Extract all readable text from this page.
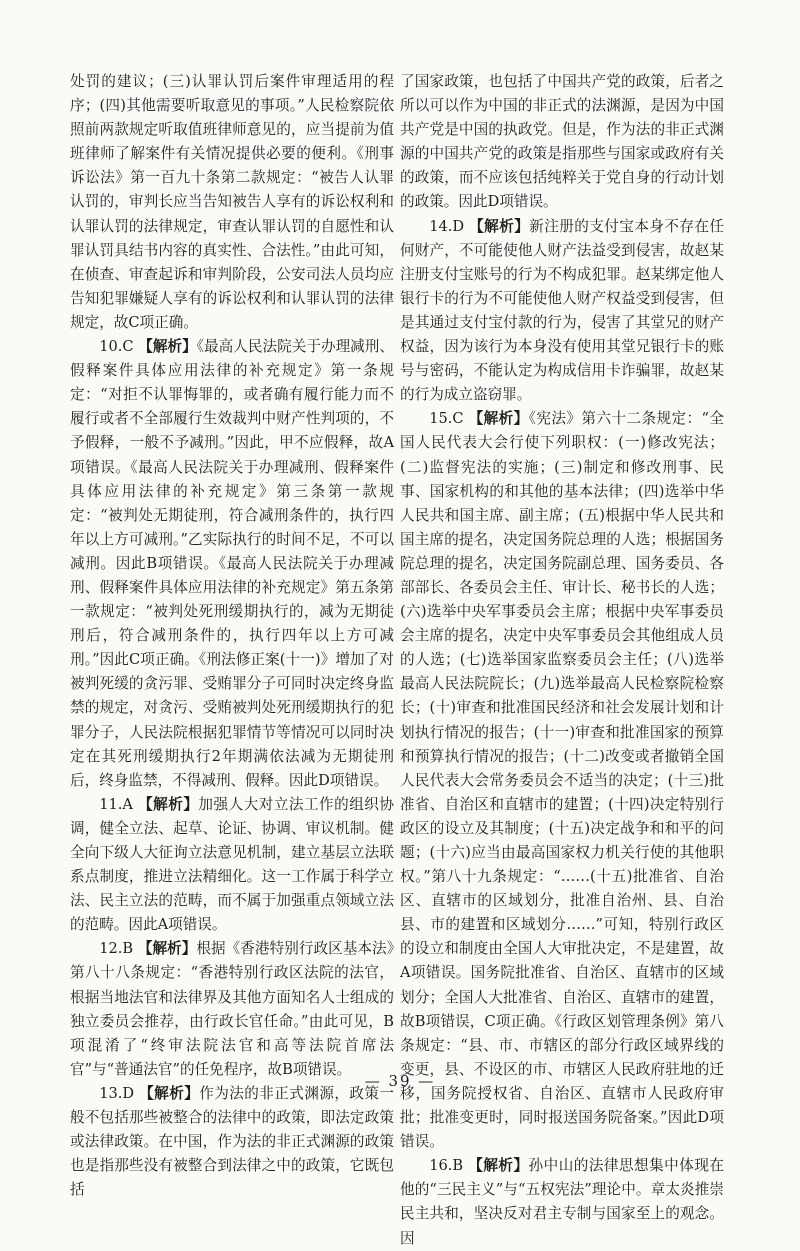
处罚的建议；(三)认罪认罚后案件审理适用的程序；(四)其他需要听取意见的事项。”人民检察院依照前两款规定听取值班律师意见的，应当提前为值班律师了解案件有关情况提供必要的便利。《刑事诉讼法》第一百九十条第二款规定：“被告人认罪认罚的，审判长应当告知被告人享有的诉讼权利和认罪认罚的法律规定，审查认罪认罚的自愿性和认罪认罚具结书内容的真实性、合法性。”由此可知，在侦查、审查起诉和审判阶段，公安司法人员均应告知犯罪嫌疑人享有的诉讼权利和认罪认罚的法律规定，故C项正确。

10.C 【解析】《最高人民法院关于办理减刑、假释案件具体应用法律的补充规定》第一条规定：“对拒不认罪悔罪的，或者确有履行能力而不履行或者不全部履行生效裁判中财产性判项的，不予假释，一般不予减刑。”因此，甲不应假释，故A项错误。《最高人民法院关于办理减刑、假释案件具体应用法律的补充规定》第三条第一款规定：“被判处无期徒刑，符合减刑条件的，执行四年以上方可减刑。”乙实际执行的时间不足，不可以减刑。因此B项错误。《最高人民法院关于办理减刑、假释案件具体应用法律的补充规定》第五条第一款规定：“被判处死刑缓期执行的，减为无期徒刑后，符合减刑条件的，执行四年以上方可减刑。”因此C项正确。《刑法修正案(十一)》增加了对被判死缓的贪污罪、受贿罪分子可同时决定终身监禁的规定，对贪污、受贿被判处死刑缓期执行的犯罪分子，人民法院根据犯罪情节等情况可以同时决定在其死刑缓期执行2年期满依法减为无期徒刑后，终身监禁，不得减刑、假释。因此D项错误。

11.A 【解析】加强人大对立法工作的组织协调，健全立法、起草、论证、协调、审议机制。健全向下级人大征询立法意见机制，建立基层立法联系点制度，推进立法精细化。这一工作属于科学立法、民主立法的范畴，而不属于加强重点领域立法的范畴。因此A项错误。

12.B 【解析】根据《香港特别行政区基本法》第八十八条规定：“香港特别行政区法院的法官，根据当地法官和法律界及其他方面知名人士组成的独立委员会推荐，由行政长官任命。”由此可见，B项混淆了“终审法院法官和高等法院首席法官”与“普通法官”的任免程序，故B项错误。

13.D 【解析】作为法的非正式渊源，政策一般不包括那些被整合的法律中的政策，即法定政策或法律政策。在中国，作为法的非正式渊源的政策也是指那些没有被整合到法律之中的政策，它既包括

了国家政策，也包括了中国共产党的政策，后者之所以可以作为中国的非正式的法渊源，是因为中国共产党是中国的执政党。但是，作为法的非正式渊源的中国共产党的政策是指那些与国家或政府有关的政策，而不应该包括纯粹关于党自身的行动计划的政策。因此D项错误。

14.D 【解析】新注册的支付宝本身不存在任何财产，不可能使他人财产法益受到侵害，故赵某注册支付宝账号的行为不构成犯罪。赵某绑定他人银行卡的行为不可能使他人财产权益受到侵害，但是其通过支付宝付款的行为，侵害了其堂兄的财产权益，因为该行为本身没有使用其堂兄银行卡的账号与密码，不能认定为构成信用卡诈骗罪，故赵某的行为成立盗窃罪。

15.C 【解析】《宪法》第六十二条规定：“全国人民代表大会行使下列职权：(一)修改宪法；(二)监督宪法的实施；(三)制定和修改刑事、民事、国家机构的和其他的基本法律；(四)选举中华人民共和国主席、副主席；(五)根据中华人民共和国主席的提名，决定国务院总理的人选；根据国务院总理的提名，决定国务院副总理、国务委员、各部部长、各委员会主任、审计长、秘书长的人选；(六)选举中央军事委员会主席；根据中央军事委员会主席的提名，决定中央军事委员会其他组成人员的人选；(七)选举国家监察委员会主任；(八)选举最高人民法院院长；(九)选举最高人民检察院检察长；(十)审查和批准国民经济和社会发展计划和计划执行情况的报告；(十一)审查和批准国家的预算和预算执行情况的报告；(十二)改变或者撤销全国人民代表大会常务委员会不适当的决定；(十三)批准省、自治区和直辖市的建置；(十四)决定特别行政区的设立及其制度；(十五)决定战争和和平的问题；(十六)应当由最高国家权力机关行使的其他职权。”第八十九条规定：“……(十五)批准省、自治区、直辖市的区域划分，批准自治州、县、自治县、市的建置和区域划分……”可知，特别行政区的设立和制度由全国人大审批决定，不是建置，故A项错误。国务院批准省、自治区、直辖市的区域划分；全国人大批准省、自治区、直辖市的建置，故B项错误，C项正确。《行政区划管理条例》第八条规定：“县、市、市辖区的部分行政区域界线的变更，县、不设区的市、市辖区人民政府驻地的迁移，国务院授权省、自治区、直辖市人民政府审批；批准变更时，同时报送国务院备案。”因此D项错误。

16.B 【解析】孙中山的法律思想集中体现在他的“三民主义”与“五权宪法”理论中。章太炎推崇民主共和，坚决反对君主专制与国家至上的观念。因

— 39 —
